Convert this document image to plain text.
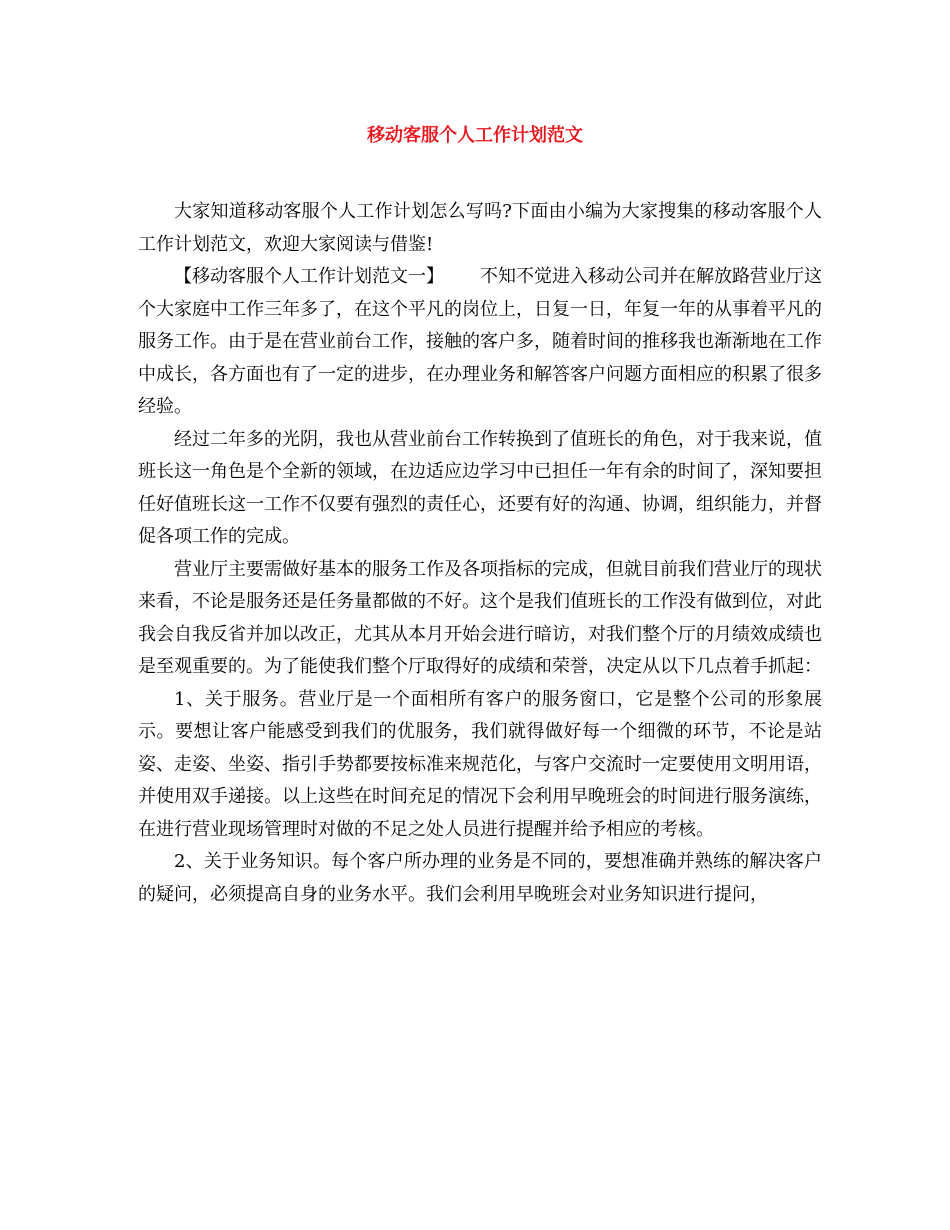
移动客服个人工作计划范文

大家知道移动客服个人工作计划怎么写吗?下面由小编为大家搜集的移动客服个人工作计划范文，欢迎大家阅读与借鉴!

【移动客服个人工作计划范文一】 不知不觉进入移动公司并在解放路营业厅这个大家庭中工作三年多了，在这个平凡的岗位上，日复一日，年复一年的从事着平凡的服务工作。由于是在营业前台工作，接触的客户多，随着时间的推移我也渐渐地在工作中成长，各方面也有了一定的进步，在办理业务和解答客户问题方面相应的积累了很多经验。

经过二年多的光阴，我也从营业前台工作转换到了值班长的角色，对于我来说，值班长这一角色是个全新的领域，在边适应边学习中已担任一年有余的时间了，深知要担任好值班长这一工作不仅要有强烈的责任心，还要有好的沟通、协调，组织能力，并督促各项工作的完成。

营业厅主要需做好基本的服务工作及各项指标的完成，但就目前我们营业厅的现状来看，不论是服务还是任务量都做的不好。这个是我们值班长的工作没有做到位，对此我会自我反省并加以改正，尤其从本月开始会进行暗访，对我们整个厅的月绩效成绩也是至观重要的。为了能使我们整个厅取得好的成绩和荣誉，决定从以下几点着手抓起：

1、关于服务。营业厅是一个面相所有客户的服务窗口，它是整个公司的形象展示。要想让客户能感受到我们的优服务，我们就得做好每一个细微的环节，不论是站姿、走姿、坐姿、指引手势都要按标准来规范化，与客户交流时一定要使用文明用语，并使用双手递接。以上这些在时间充足的情况下会利用早晚班会的时间进行服务演练，在进行营业现场管理时对做的不足之处人员进行提醒并给予相应的考核。

2、关于业务知识。每个客户所办理的业务是不同的，要想准确并熟练的解决客户的疑问，必须提高自身的业务水平。我们会利用早晚班会对业务知识进行提问，
